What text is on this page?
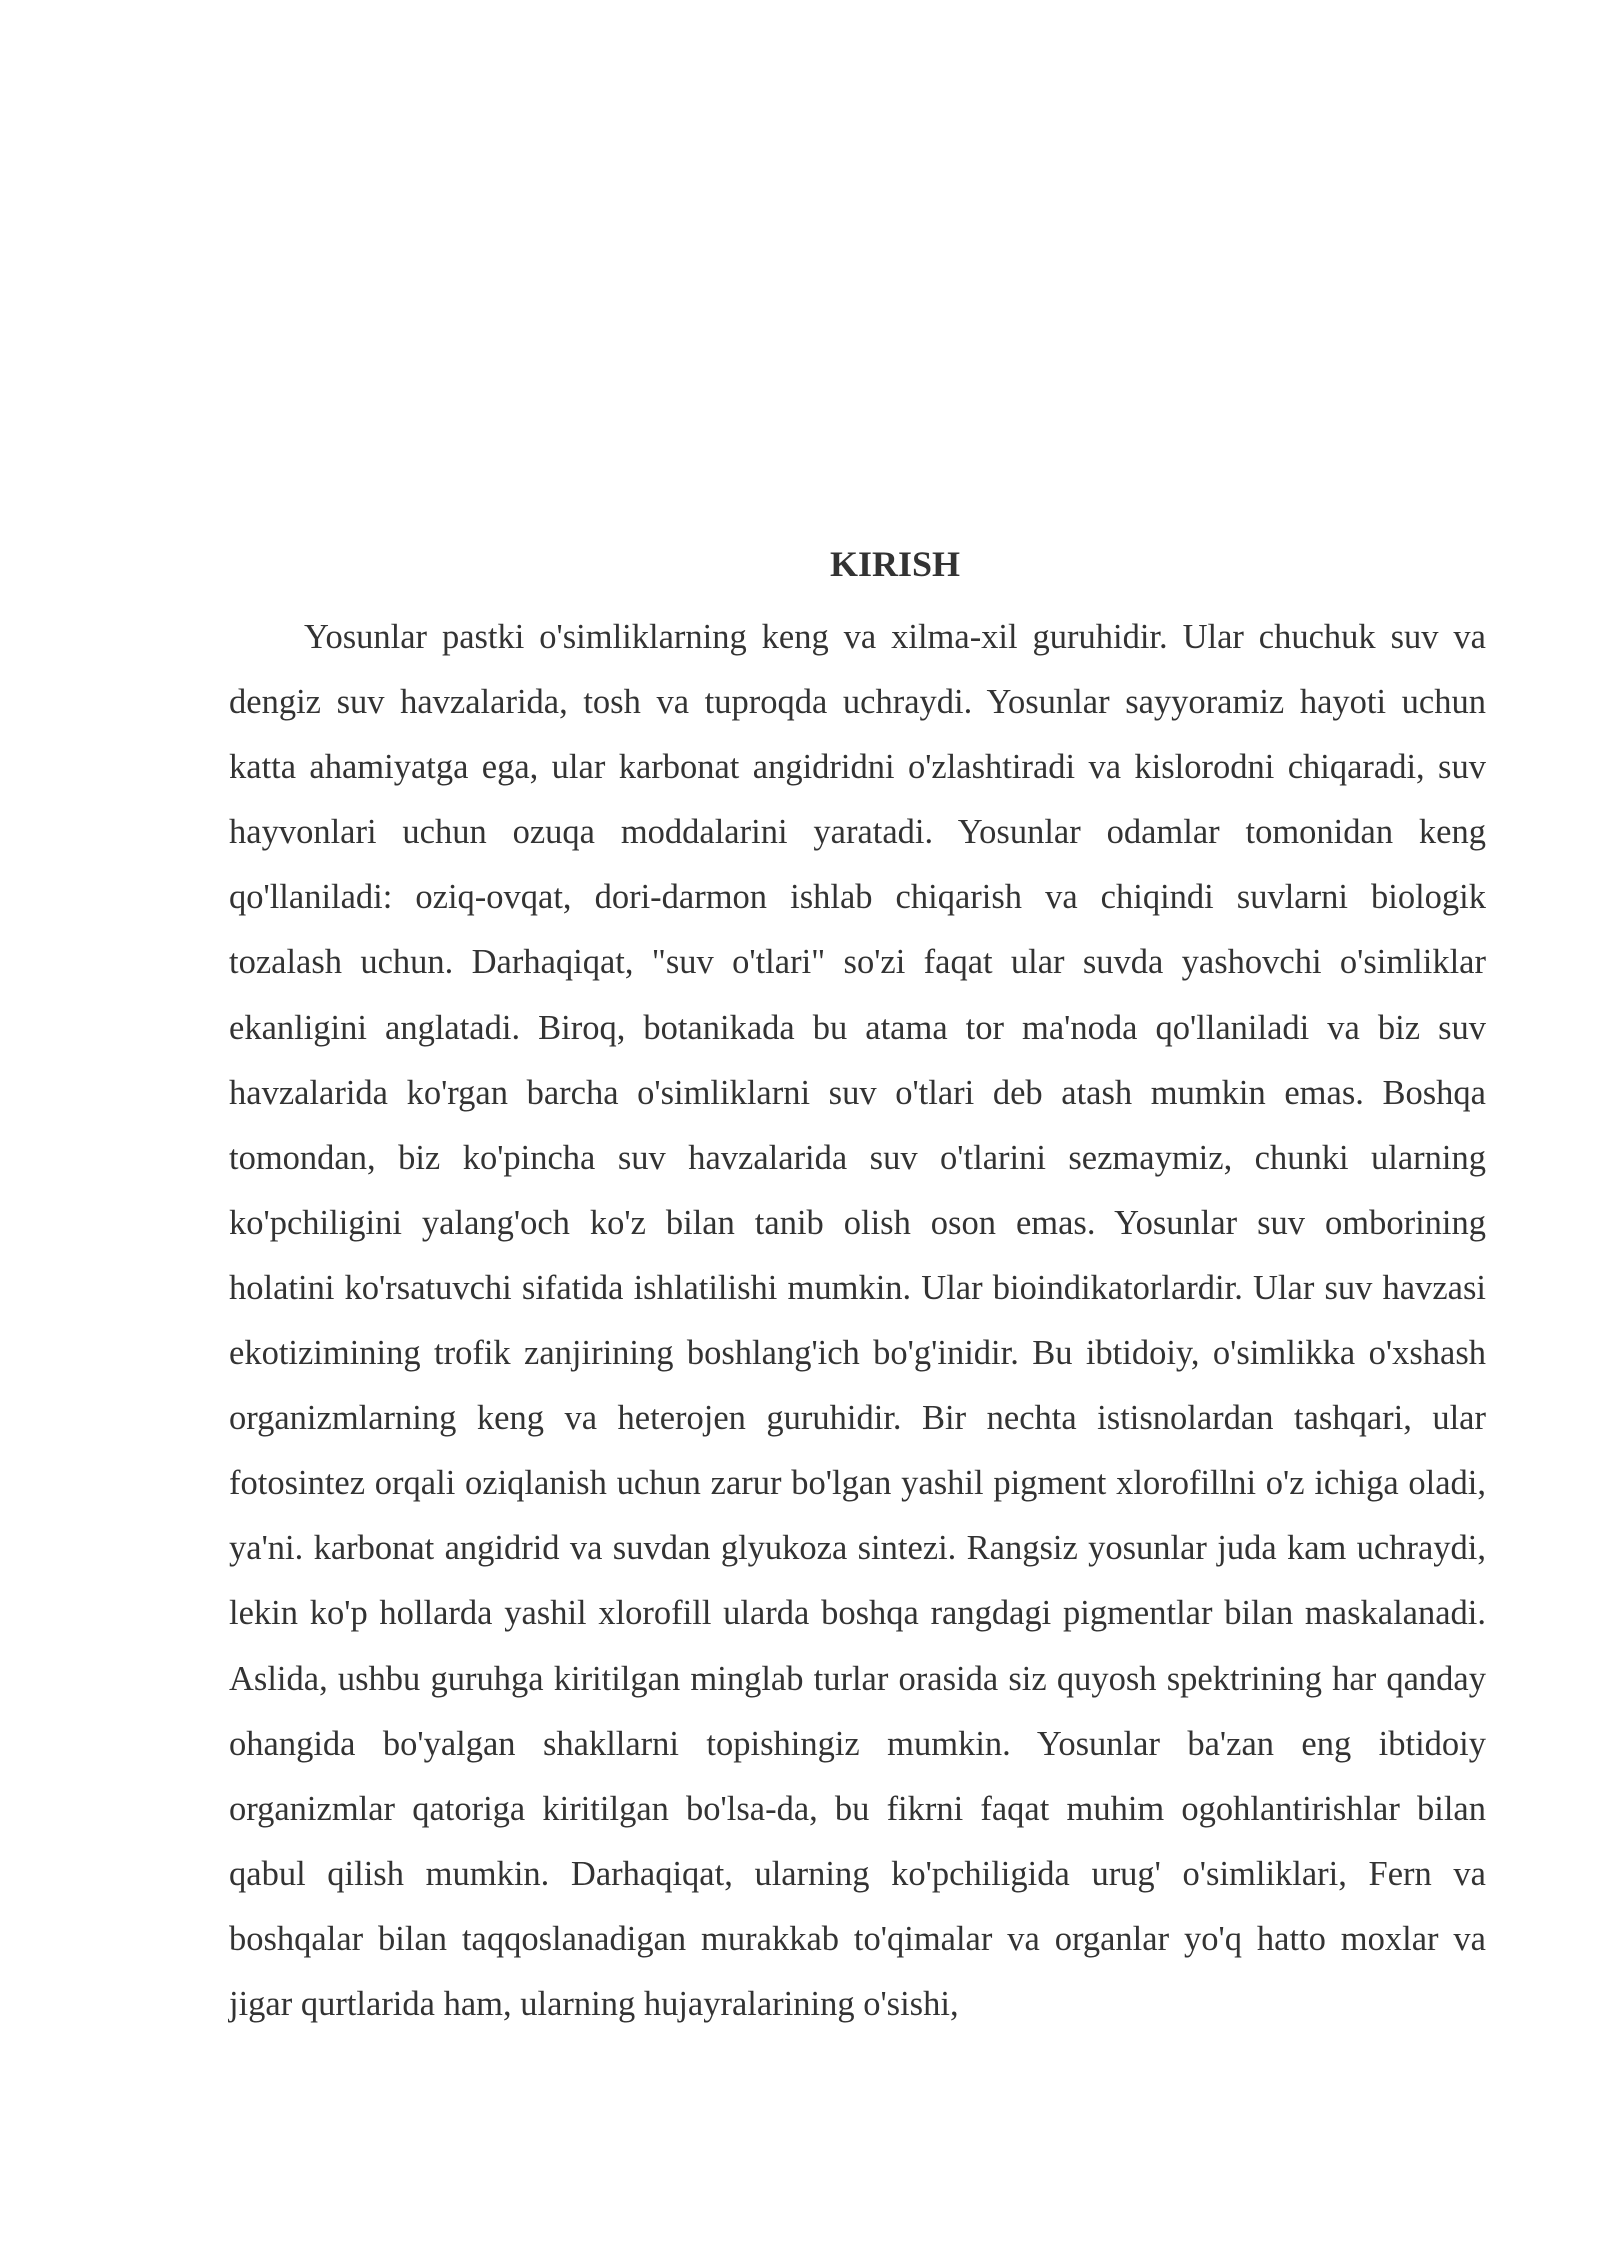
KIRISH

Yosunlar pastki o'simliklarning keng va xilma-xil guruhidir. Ular chuchuk suv va dengiz suv havzalarida, tosh va tuproqda uchraydi. Yosunlar sayyoramiz hayoti uchun katta ahamiyatga ega, ular karbonat angidridni o'zlashtiradi va kislorodni chiqaradi, suv hayvonlari uchun ozuqa moddalarini yaratadi. Yosunlar odamlar tomonidan keng qo'llaniladi: oziq-ovqat, dori-darmon ishlab chiqarish va chiqindi suvlarni biologik tozalash uchun. Darhaqiqat, "suv o'tlari" so'zi faqat ular suvda yashovchi o'simliklar ekanligini anglatadi. Biroq, botanikada bu atama tor ma'noda qo'llaniladi va biz suv havzalarida ko'rgan barcha o'simliklarni suv o'tlari deb atash mumkin emas. Boshqa tomondan, biz ko'pincha suv havzalarida suv o'tlarini sezmaymiz, chunki ularning ko'pchiligini yalang'och ko'z bilan tanib olish oson emas. Yosunlar suv omborining holatini ko'rsatuvchi sifatida ishlatilishi mumkin. Ular bioindikatorlardir. Ular suv havzasi ekotizimining trofik zanjirining boshlang'ich bo'g'inidir. Bu ibtidoiy, o'simlikka o'xshash organizmlarning keng va heterojen guruhidir. Bir nechta istisnolardan tashqari, ular fotosintez orqali oziqlanish uchun zarur bo'lgan yashil pigment xlorofillni o'z ichiga oladi, ya'ni. karbonat angidrid va suvdan glyukoza sintezi. Rangsiz yosunlar juda kam uchraydi, lekin ko'p hollarda yashil xlorofill ularda boshqa rangdagi pigmentlar bilan maskalanadi. Aslida, ushbu guruhga kiritilgan minglab turlar orasida siz quyosh spektrining har qanday ohangida bo'yalgan shakllarni topishingiz mumkin. Yosunlar ba'zan eng ibtidoiy organizmlar qatoriga kiritilgan bo'lsa-da, bu fikrni faqat muhim ogohlantirishlar bilan qabul qilish mumkin. Darhaqiqat, ularning ko'pchiligida urug' o'simliklari, Fern va boshqalar bilan taqqoslanadigan murakkab to'qimalar va organlar yo'q hatto moxlar va jigar qurtlarida ham, ularning hujayralarining o'sishi,
